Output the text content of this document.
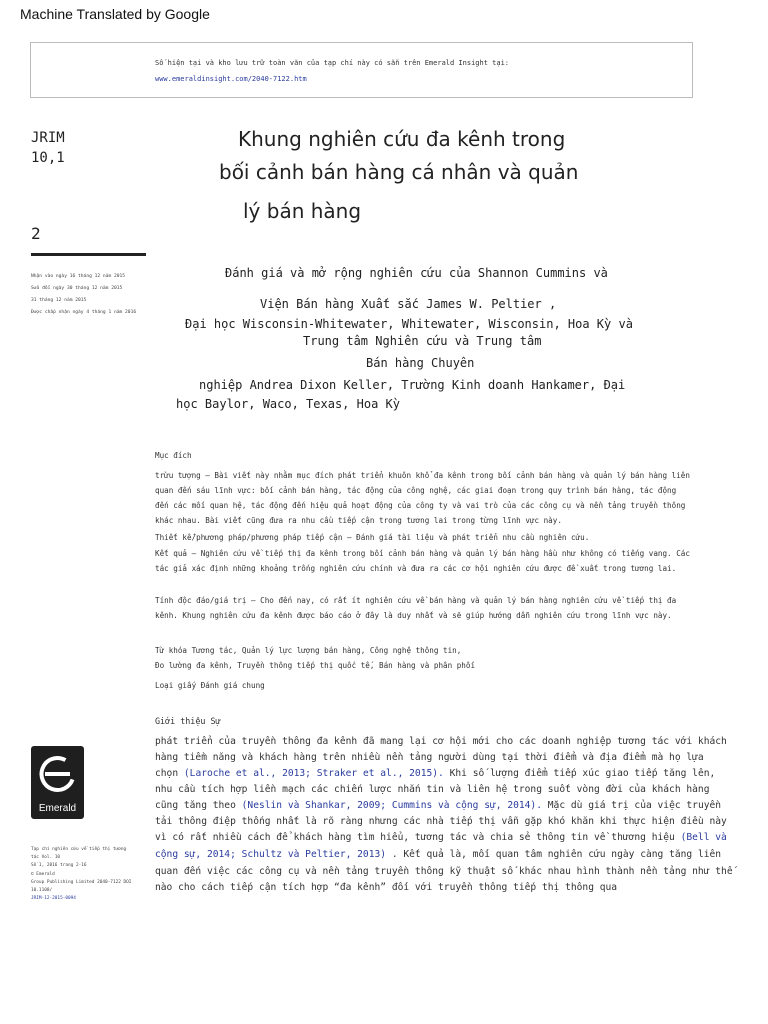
Machine Translated by Google
Số hiện tại và kho lưu trữ toàn văn của tạp chí này có sẵn trên Emerald Insight tại:
www.emeraldinsight.com/2040-7122.htm
JRIM
10,1
2
Nhận vào ngày 16 tháng 12 năm 2015
Sửa đổi ngày 30 tháng 12 năm 2015
31 tháng 12 năm 2015
Được chấp nhận ngày 4 tháng 1 năm 2016
Khung nghiên cứu đa kênh trong
bối cảnh bán hàng cá nhân và quản
lý bán hàng
Đánh giá và mở rộng nghiên cứu của Shannon Cummins và
Viện Bán hàng Xuất sắc James W. Peltier ,
Đại học Wisconsin-Whitewater, Whitewater, Wisconsin, Hoa Kỳ và
Trung tâm Nghiên cứu và Trung tâm
Bán hàng Chuyên
nghiệp Andrea Dixon Keller, Trường Kinh doanh Hankamer, Đại
học Baylor, Waco, Texas, Hoa Kỳ
Mục đích
trừu tượng – Bài viết này nhằm mục đích phát triển khuôn khổ đa kênh trong bối cảnh bán hàng và quản lý bán hàng liên
quan đến sáu lĩnh vực: bối cảnh bán hàng, tác động của công nghệ, các giai đoạn trong quy trình bán hàng, tác động
đến các mối quan hệ, tác động đến hiệu quả hoạt động của công ty và vai trò của các công cụ và nền tảng truyền thông
khác nhau. Bài viết cũng đưa ra nhu cầu tiếp cận trong tương lai trong từng lĩnh vực này.
Thiết kế/phương pháp/phương pháp tiếp cận – Đánh giá tài liệu và phát triển nhu cầu nghiên cứu.
Kết quả – Nghiên cứu về tiếp thị đa kênh trong bối cảnh bán hàng và quản lý bán hàng hầu như không có tiếng vang. Các
tác giả xác định những khoảng trống nghiên cứu chính và đưa ra các cơ hội nghiên cứu được đề xuất trong tương lai.
Tính độc đáo/giá trị – Cho đến nay, có rất ít nghiên cứu về bán hàng và quản lý bán hàng nghiên cứu về tiếp thị đa
kênh. Khung nghiên cứu đa kênh được báo cáo ở đây là duy nhất và sẽ giúp hướng dẫn nghiên cứu trong lĩnh vực này.
Từ khóa Tương tác, Quản lý lực lượng bán hàng, Công nghệ thông tin,
Đo lường đa kênh, Truyền thông tiếp thị quốc tế, Bán hàng và phân phối
Loại giấy Đánh giá chung
Giới thiệu Sự
phát triển của truyền thông đa kênh đã mang lại cơ hội mới cho các doanh nghiệp tương tác với khách
hàng tiềm năng và khách hàng trên nhiều nền tảng người dùng tại thời điểm và địa điểm mà họ lựa
chọn (Laroche et al., 2013; Straker et al., 2015). Khi số lượng điểm tiếp xúc giao tiếp tăng lên,
nhu cầu tích hợp liền mạch các chiến lược nhắn tin và liên hệ trong suốt vòng đời của khách hàng
cũng tăng theo (Neslin và Shankar, 2009; Cummins và cộng sự, 2014). Mặc dù giá trị của việc truyền
tải thông điệp thống nhất là rõ ràng nhưng các nhà tiếp thị vẫn gặp khó khăn khi thực hiện điều này
vì có rất nhiều cách để khách hàng tìm hiểu, tương tác và chia sẻ thông tin về thương hiệu (Bell và
cộng sự, 2014; Schultz và Peltier, 2013) . Kết quả là, mối quan tâm nghiên cứu ngày càng tăng liên
quan đến việc các công cụ và nền tảng truyền thông kỹ thuật số khác nhau hình thành nền tảng như thế
nào cho cách tiếp cận tích hợp “đa kênh” đối với truyền thông tiếp thị thông qua
Emerald
Tạp chí nghiên cứu về tiếp thị tương
tác Vol. 10
Số 1, 2016 trang 2-16
© Emerald
Group Publishing Limited 2040-7122 DOI
10.1108/
JRIM-12-2015-0094
